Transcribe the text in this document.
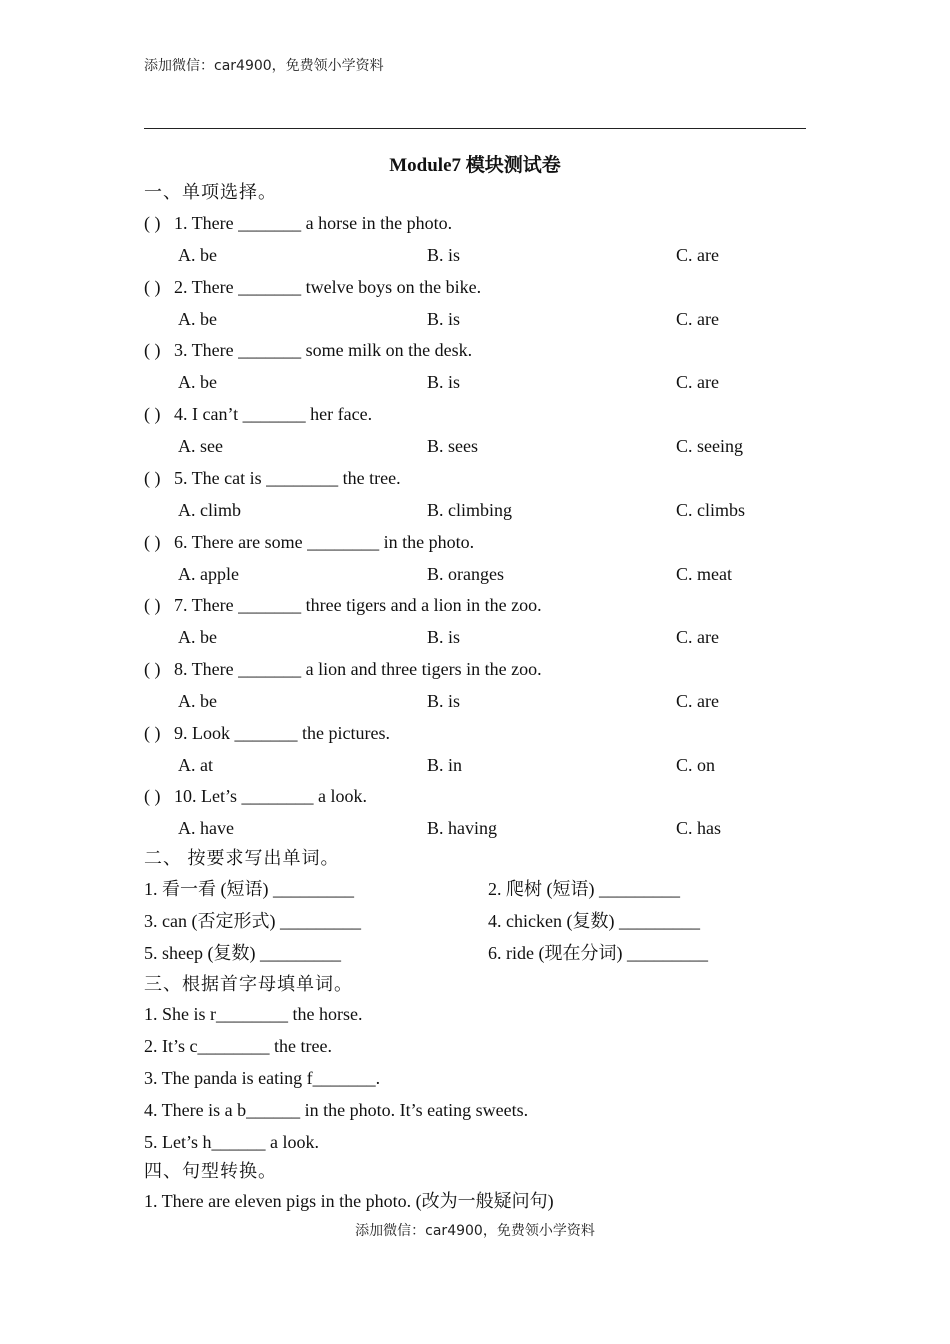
添加微信：car4900，免费领小学资料
Module7 模块测试卷
一、单项选择。
( ) 1. There _______ a horse in the photo.
A. be	B. is	C. are
( ) 2. There _______ twelve boys on the bike.
A. be	B. is	C. are
( ) 3. There _______ some milk on the desk.
A. be	B. is	C. are
( ) 4. I can’t _______ her face.
A. see	B. sees	C. seeing
( ) 5. The cat is ________ the tree.
A. climb	B. climbing	C. climbs
( ) 6. There are some ________ in the photo.
A. apple	B. oranges	C. meat
( ) 7. There _______ three tigers and a lion in the zoo.
A. be	B. is	C. are
( ) 8. There _______ a lion and three tigers in the zoo.
A. be	B. is	C. are
( ) 9. Look _______ the pictures.
A. at	B. in	C. on
( ) 10. Let’s ________ a look.
A. have	B. having	C. has
二、 按要求写出单词。
1. 看一看 (短语) _________	2. 爬树 (短语) _________
3. can (否定形式) _________	4. chicken (复数) _________
5. sheep (复数) _________	6. ride (现在分词) _________
三、根据首字母填单词。
1. She is r________ the horse.
2. It’s c________ the tree.
3. The panda is eating f_______.
4. There is a b______ in the photo. It’s eating sweets.
5. Let’s h______ a look.
四、句型转换。
1. There are eleven pigs in the photo. (改为一般疑问句)
添加微信：car4900，免费领小学资料
